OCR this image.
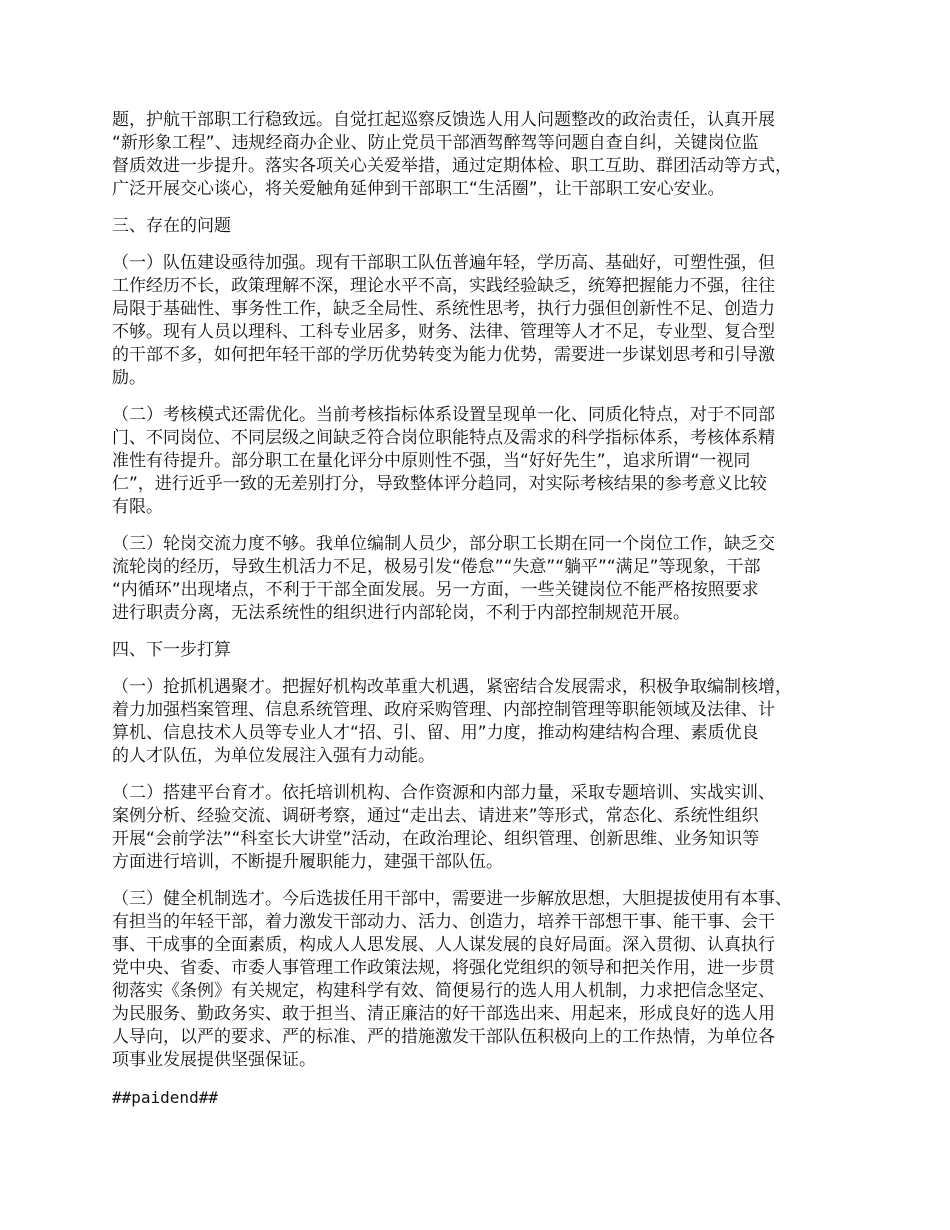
题，护航干部职工行稳致远。自觉扛起巡察反馈选人用人问题整改的政治责任，认真开展
“新形象工程”、违规经商办企业、防止党员干部酒驾醉驾等问题自查自纠，关键岗位监
督质效进一步提升。落实各项关心关爱举措，通过定期体检、职工互助、群团活动等方式，
广泛开展交心谈心，将关爱触角延伸到干部职工“生活圈”，让干部职工安心安业。
三、存在的问题
（一）队伍建设亟待加强。现有干部职工队伍普遍年轻，学历高、基础好，可塑性强，但
工作经历不长，政策理解不深，理论水平不高，实践经验缺乏，统筹把握能力不强，往往
局限于基础性、事务性工作，缺乏全局性、系统性思考，执行力强但创新性不足、创造力
不够。现有人员以理科、工科专业居多，财务、法律、管理等人才不足，专业型、复合型
的干部不多，如何把年轻干部的学历优势转变为能力优势，需要进一步谋划思考和引导激
励。
（二）考核模式还需优化。当前考核指标体系设置呈现单一化、同质化特点，对于不同部
门、不同岗位、不同层级之间缺乏符合岗位职能特点及需求的科学指标体系，考核体系精
准性有待提升。部分职工在量化评分中原则性不强，当“好好先生”，追求所谓“一视同
仁”，进行近乎一致的无差别打分，导致整体评分趋同，对实际考核结果的参考意义比较
有限。
（三）轮岗交流力度不够。我单位编制人员少，部分职工长期在同一个岗位工作，缺乏交
流轮岗的经历，导致生机活力不足，极易引发“倦怠”“失意”“躺平”“满足”等现象，干部
“内循环”出现堵点，不利于干部全面发展。另一方面，一些关键岗位不能严格按照要求
进行职责分离，无法系统性的组织进行内部轮岗，不利于内部控制规范开展。
四、下一步打算
（一）抢抓机遇聚才。把握好机构改革重大机遇，紧密结合发展需求，积极争取编制核增，
着力加强档案管理、信息系统管理、政府采购管理、内部控制管理等职能领域及法律、计
算机、信息技术人员等专业人才“招、引、留、用”力度，推动构建结构合理、素质优良
的人才队伍，为单位发展注入强有力动能。
（二）搭建平台育才。依托培训机构、合作资源和内部力量，采取专题培训、实战实训、
案例分析、经验交流、调研考察，通过“走出去、请进来”等形式，常态化、系统性组织
开展“会前学法”“科室长大讲堂”活动，在政治理论、组织管理、创新思维、业务知识等
方面进行培训，不断提升履职能力，建强干部队伍。
（三）健全机制选才。今后选拔任用干部中，需要进一步解放思想，大胆提拔使用有本事、
有担当的年轻干部，着力激发干部动力、活力、创造力，培养干部想干事、能干事、会干
事、干成事的全面素质，构成人人思发展、人人谋发展的良好局面。深入贯彻、认真执行
党中央、省委、市委人事管理工作政策法规，将强化党组织的领导和把关作用，进一步贯
彻落实《条例》有关规定，构建科学有效、简便易行的选人用人机制，力求把信念坚定、
为民服务、勤政务实、敢于担当、清正廉洁的好干部选出来、用起来，形成良好的选人用
人导向，以严的要求、严的标准、严的措施激发干部队伍积极向上的工作热情，为单位各
项事业发展提供坚强保证。
##paidend##
